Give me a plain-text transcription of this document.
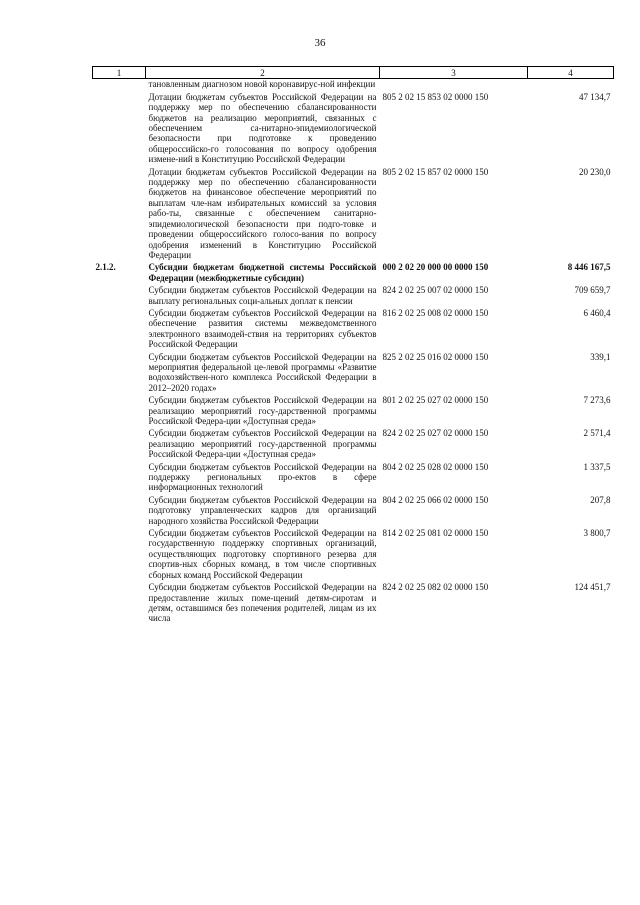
36
1	2	3	4
	тановленным диагнозом новой коронавирус-ной инфекции		
	Дотации бюджетам субъектов Российской Федерации на поддержку мер по обеспечению сбалансированности бюджетов на реализацию мероприятий, связанных с обеспечением са-нитарно-эпидемиологической безопасности при подготовке к проведению общероссийско-го голосования по вопросу одобрения измене-ний в Конституцию Российской Федерации	805 2 02 15 853 02 0000 150	47 134,7
	Дотации бюджетам субъектов Российской Федерации на поддержку мер по обеспечению сбалансированности бюджетов на финансовое обеспечение мероприятий по выплатам чле-нам избирательных комиссий за условия рабо-ты, связанные с обеспечением санитарно-эпидемиологической безопасности при подго-товке и проведении общероссийского голосо-вания по вопросу одобрения изменений в Конституцию Российской Федерации	805 2 02 15 857 02 0000 150	20 230,0
2.1.2.	Субсидии бюджетам бюджетной системы Российской Федерации (межбюджетные субсидии)	000 2 02 20 000 00 0000 150	8 446 167,5
	Субсидии бюджетам субъектов Российской Федерации на выплату региональных соци-альных доплат к пенсии	824 2 02 25 007 02 0000 150	709 659,7
	Субсидии бюджетам субъектов Российской Федерации на обеспечение развития системы межведомственного электронного взаимодей-ствия на территориях субъектов Российской Федерации	816 2 02 25 008 02 0000 150	6 460,4
	Субсидии бюджетам субъектов Российской Федерации на мероприятия федеральной це-левой программы «Развитие водохозяйствен-ного комплекса Российской Федерации в 2012–2020 годах»	825 2 02 25 016 02 0000 150	339,1
	Субсидии бюджетам субъектов Российской Федерации на реализацию мероприятий госу-дарственной программы Российской Федера-ции «Доступная среда»	801 2 02 25 027 02 0000 150	7 273,6
	Субсидии бюджетам субъектов Российской Федерации на реализацию мероприятий госу-дарственной программы Российской Федера-ции «Доступная среда»	824 2 02 25 027 02 0000 150	2 571,4
	Субсидии бюджетам субъектов Российской Федерации на поддержку региональных про-ектов в сфере информационных технологий	804 2 02 25 028 02 0000 150	1 337,5
	Субсидии бюджетам субъектов Российской Федерации на подготовку управленческих кадров для организаций народного хозяйства Российской Федерации	804 2 02 25 066 02 0000 150	207,8
	Субсидии бюджетам субъектов Российской Федерации на государственную поддержку спортивных организаций, осуществляющих подготовку спортивного резерва для спортив-ных сборных команд, в том числе спортивных сборных команд Российской Федерации	814 2 02 25 081 02 0000 150	3 800,7
	Субсидии бюджетам субъектов Российской Федерации на предоставление жилых поме-щений детям-сиротам и детям, оставшимся без попечения родителей, лицам из их числа	824 2 02 25 082 02 0000 150	124 451,7
